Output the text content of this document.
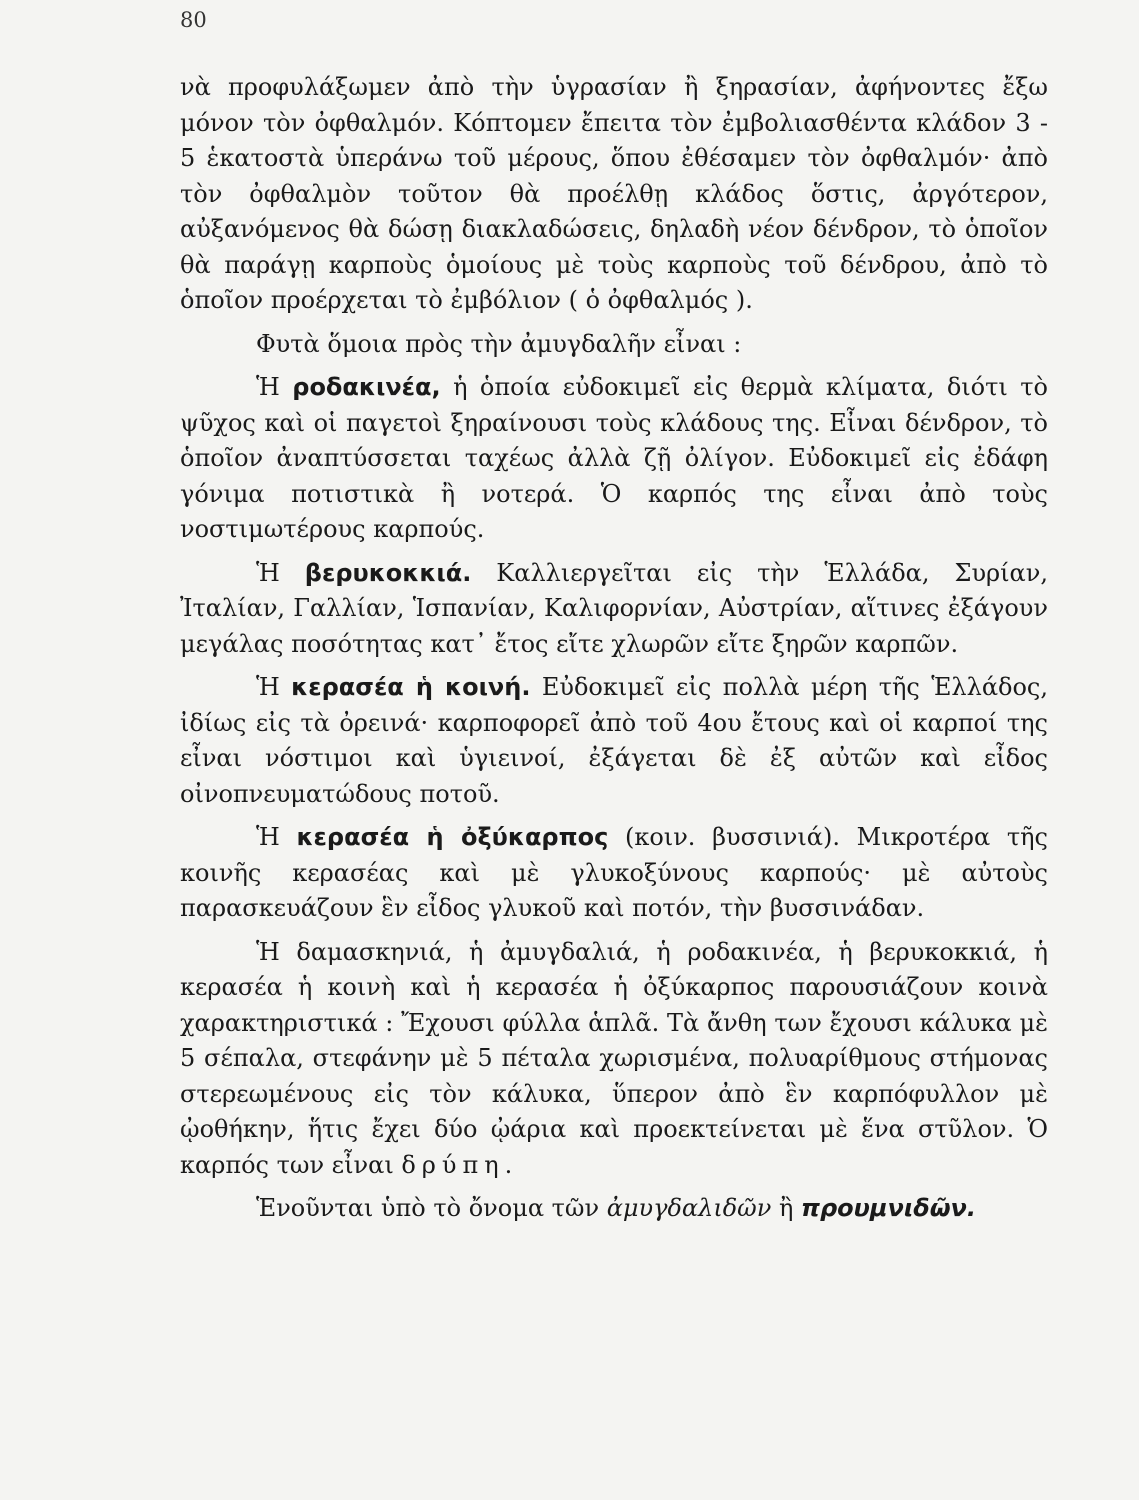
80

νὰ προφυλάξωμεν ἀπὸ τὴν ὑγρασίαν ἢ ξηρασίαν, ἀφήνοντες ἔξω μόνον τὸν ὀφθαλμόν. Κόπτομεν ἔπειτα τὸν ἐμβολιασθέντα κλάδον 3 - 5 ἑκατοστὰ ὑπεράνω τοῦ μέρους, ὅπου ἐθέσαμεν τὸν ὀφθαλμόν· ἀπὸ τὸν ὀφθαλμὸν τοῦτον θὰ προέλθῃ κλάδος ὅστις, ἀργότερον, αὐξανόμενος θὰ δώσῃ διακλαδώσεις, δηλαδὴ νέον δένδρον, τὸ ὁποῖον θὰ παράγῃ καρποὺς ὁμοίους μὲ τοὺς καρποὺς τοῦ δένδρου, ἀπὸ τὸ ὁποῖον προέρχεται τὸ ἐμβόλιον ( ὁ ὀφθαλμός ).

Φυτὰ ὅμοια πρὸς τὴν ἀμυγδαλῆν εἶναι :

Ἡ ροδακινέα, ἡ ὁποία εὐδοκιμεῖ εἰς θερμὰ κλίματα, διότι τὸ ψῦχος καὶ οἱ παγετοὶ ξηραίνουσι τοὺς κλάδους της. Εἶναι δένδρον, τὸ ὁποῖον ἀναπτύσσεται ταχέως ἀλλὰ ζῇ ὀλίγον. Εὐδοκιμεῖ εἰς ἐδάφη γόνιμα ποτιστικὰ ἢ νοτερά. Ὁ καρπός της εἶναι ἀπὸ τοὺς νοστιμωτέρους καρπούς.

Ἡ βερυκοκκιά. Καλλιεργεῖται εἰς τὴν Ἑλλάδα, Συρίαν, Ἰταλίαν, Γαλλίαν, Ἱσπανίαν, Καλιφορνίαν, Αὐστρίαν, αἵτινες ἐξάγουν μεγάλας ποσότητας κατ᾽ ἔτος εἴτε χλωρῶν εἴτε ξηρῶν καρπῶν.

Ἡ κερασέα ἡ κοινή. Εὐδοκιμεῖ εἰς πολλὰ μέρη τῆς Ἑλλάδος, ἰδίως εἰς τὰ ὀρεινά· καρποφορεῖ ἀπὸ τοῦ 4ου ἔτους καὶ οἱ καρποί της εἶναι νόστιμοι καὶ ὑγιεινοί, ἐξάγεται δὲ ἐξ αὐτῶν καὶ εἶδος οἰνοπνευματώδους ποτοῦ.

Ἡ κερασέα ἡ ὀξύκαρπος (κοιν. βυσσινιά). Μικροτέρα τῆς κοινῆς κερασέας καὶ μὲ γλυκοξύνους καρπούς· μὲ αὐτοὺς παρασκευάζουν ἓν εἶδος γλυκοῦ καὶ ποτόν, τὴν βυσσινάδαν.

Ἡ δαμασκηνιά, ἡ ἀμυγδαλιά, ἡ ροδακινέα, ἡ βερυκοκκιά, ἡ κερασέα ἡ κοινὴ καὶ ἡ κερασέα ἡ ὀξύκαρπος παρουσιάζουν κοινὰ χαρακτηριστικά : Ἔχουσι φύλλα ἁπλᾶ. Τὰ ἄνθη των ἔχουσι κάλυκα μὲ 5 σέπαλα, στεφάνην μὲ 5 πέταλα χωρισμένα, πολυαρίθμους στήμονας στερεωμένους εἰς τὸν κάλυκα, ὕπερον ἀπὸ ἓν καρπόφυλλον μὲ ᾠοθήκην, ἥτις ἔχει δύο ᾠάρια καὶ προεκτείνεται μὲ ἕνα στῦλον. Ὁ καρπός των εἶναι δρύπη.

Ἑνοῦνται ὑπὸ τὸ ὄνομα τῶν ἀμυγδαλιδῶν ἢ προυμνιδῶν.
